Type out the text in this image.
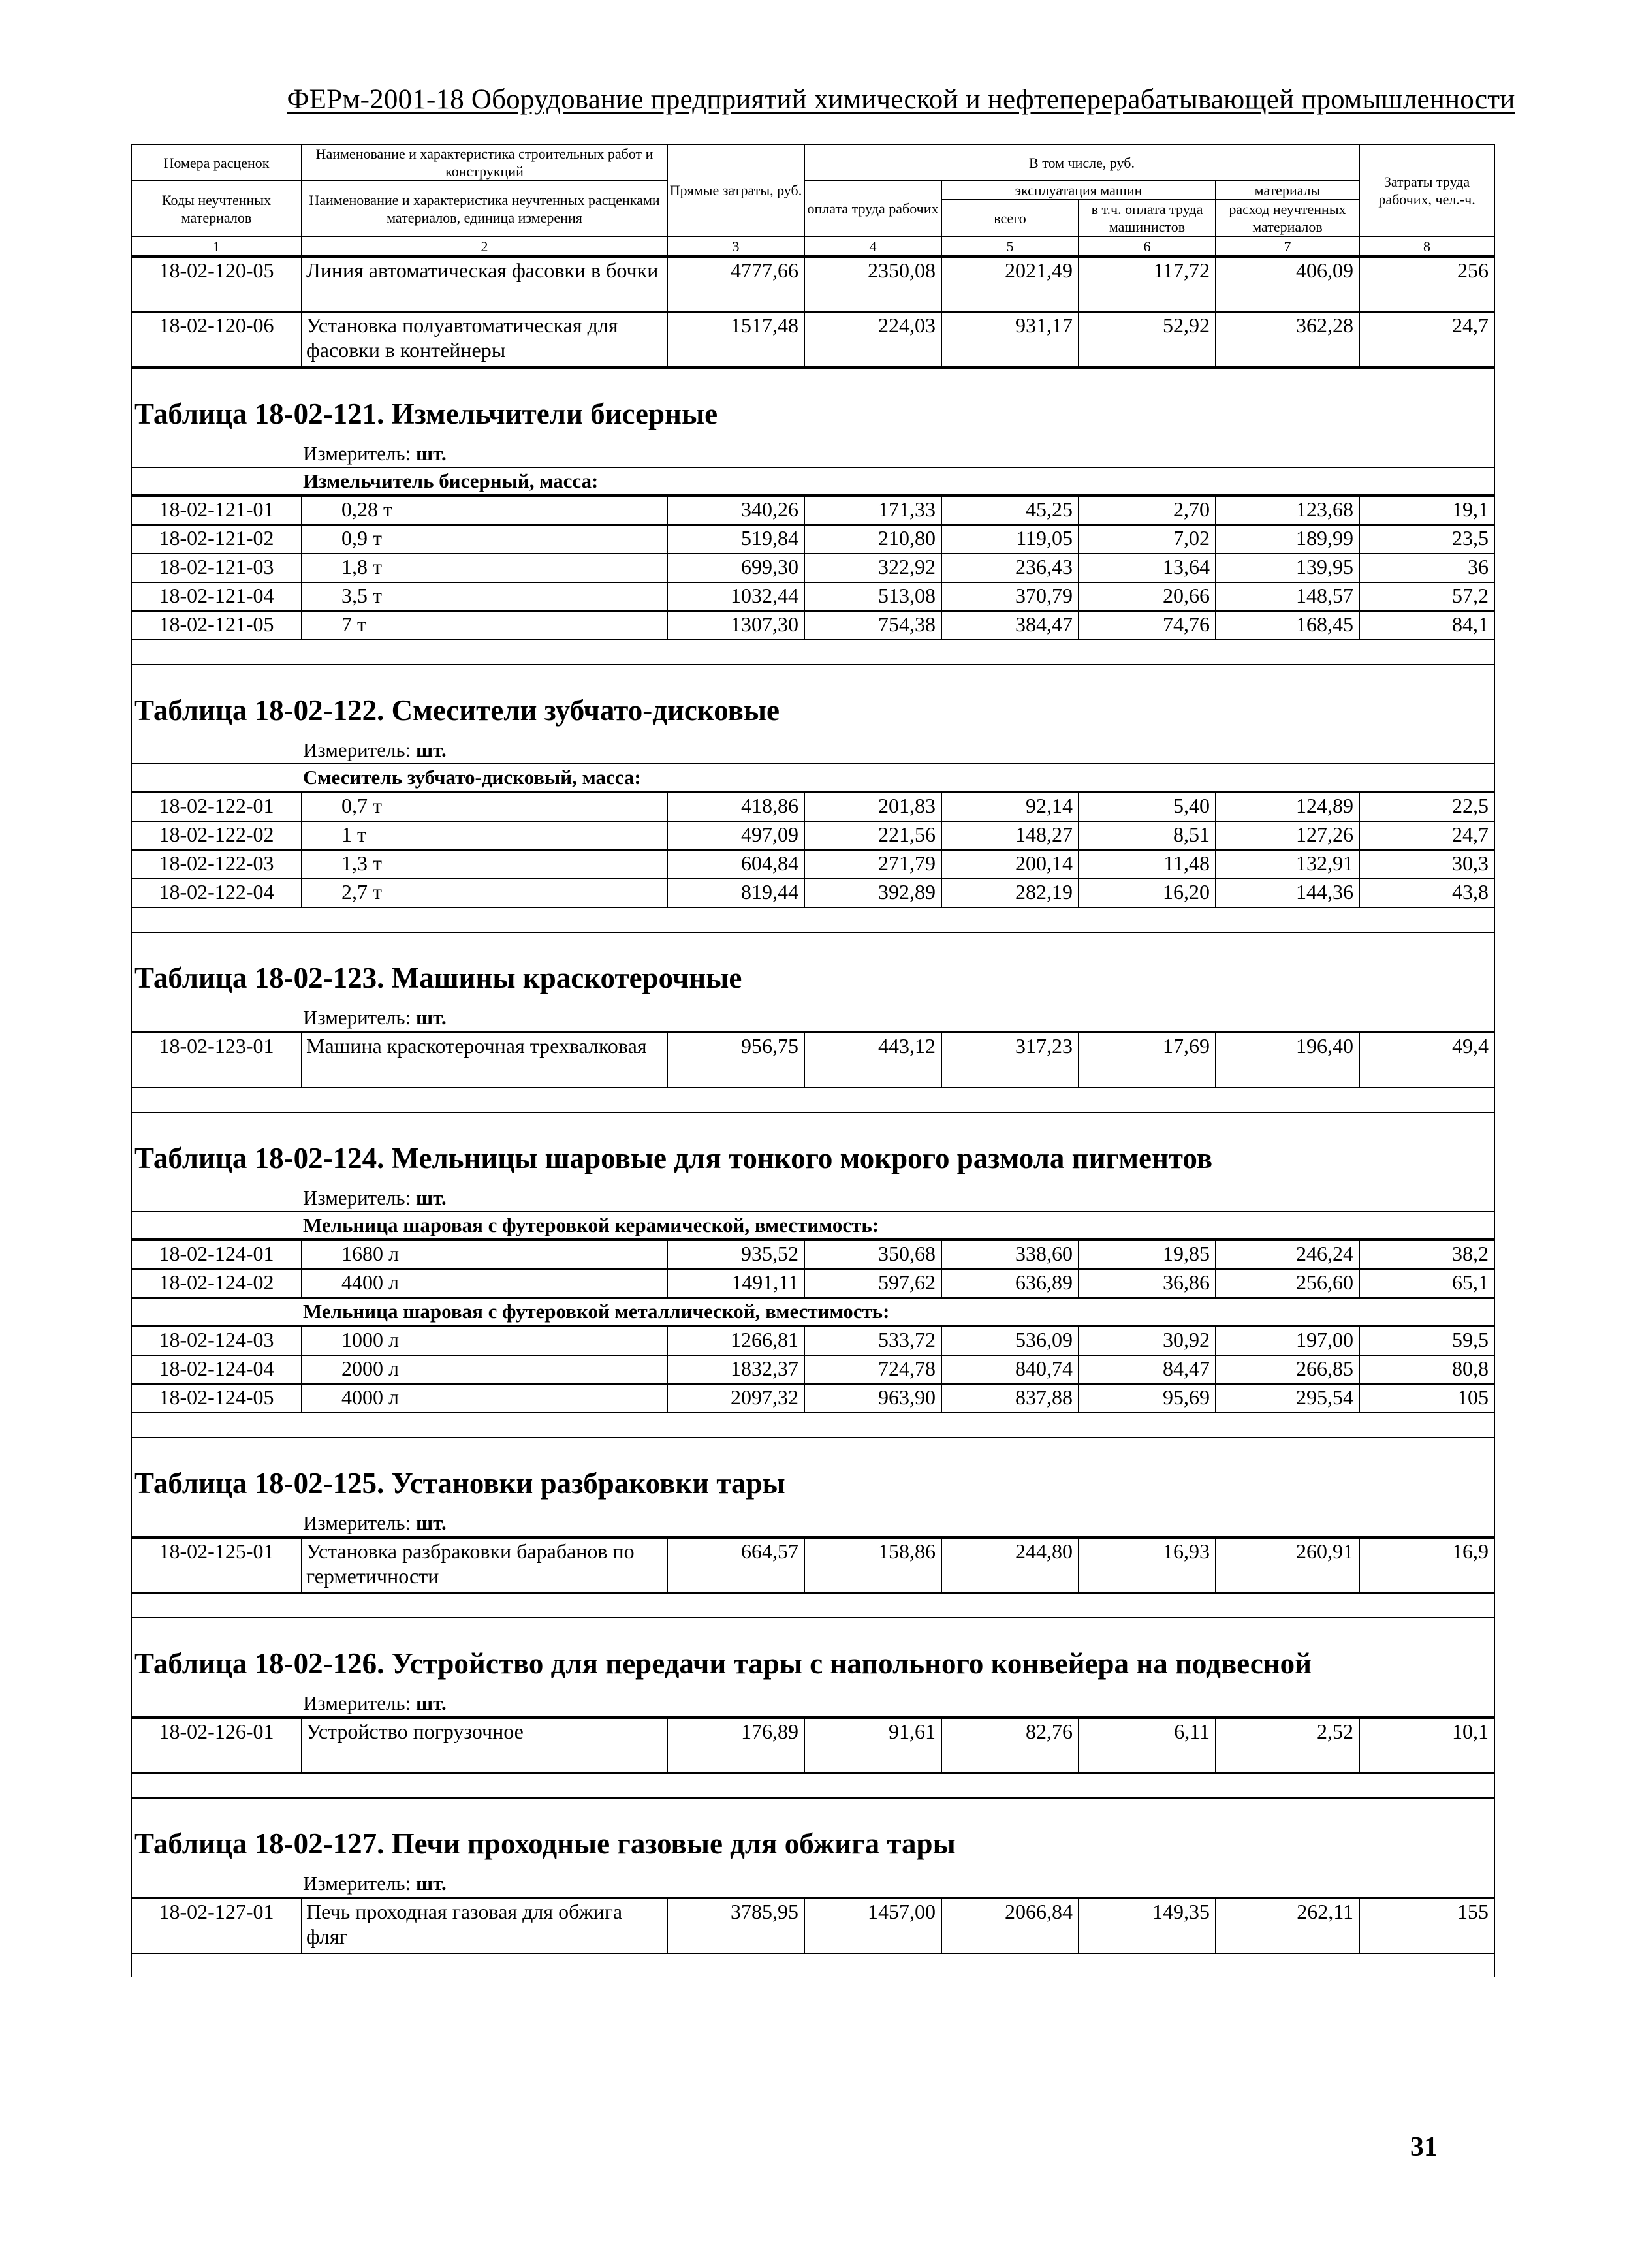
ФЕРм-2001-18 Оборудование предприятий химической и нефтеперерабатывающей промышленности
Номера расценок	Наименование и характеристика строительных работ и конструкций	Прямые затраты, руб.	В том числе, руб.				Затраты труда рабочих, чел.-ч.
Коды неучтенных материалов	Наименование и характеристика неучтенных расценками материалов, единица измерения		оплата труда рабочих	эксплуатация машин		материалы	
				всего	в т.ч. оплата труда машинистов	расход неучтенных материалов	
1	2	3	4	5	6	7	8
18-02-120-05	Линия автоматическая фасовки в бочки	4777,66	2350,08	2021,49	117,72	406,09	256
18-02-120-06	Установка полуавтоматическая для фасовки в контейнеры	1517,48	224,03	931,17	52,92	362,28	24,7
Таблица 18-02-121. Измельчители бисерные
Измеритель: шт.
Измельчитель бисерный, масса:
18-02-121-01	0,28 т	340,26	171,33	45,25	2,70	123,68	19,1
18-02-121-02	0,9 т	519,84	210,80	119,05	7,02	189,99	23,5
18-02-121-03	1,8 т	699,30	322,92	236,43	13,64	139,95	36
18-02-121-04	3,5 т	1032,44	513,08	370,79	20,66	148,57	57,2
18-02-121-05	7 т	1307,30	754,38	384,47	74,76	168,45	84,1
Таблица 18-02-122. Смесители зубчато-дисковые
Измеритель: шт.
Смеситель зубчато-дисковый, масса:
18-02-122-01	0,7 т	418,86	201,83	92,14	5,40	124,89	22,5
18-02-122-02	1 т	497,09	221,56	148,27	8,51	127,26	24,7
18-02-122-03	1,3 т	604,84	271,79	200,14	11,48	132,91	30,3
18-02-122-04	2,7 т	819,44	392,89	282,19	16,20	144,36	43,8
Таблица 18-02-123. Машины краскотерочные
Измеритель: шт.
18-02-123-01	Машина краскотерочная трехвалковая	956,75	443,12	317,23	17,69	196,40	49,4
Таблица 18-02-124. Мельницы шаровые для тонкого мокрого размола пигментов
Измеритель: шт.
Мельница шаровая с футеровкой керамической, вместимость:
18-02-124-01	1680 л	935,52	350,68	338,60	19,85	246,24	38,2
18-02-124-02	4400 л	1491,11	597,62	636,89	36,86	256,60	65,1
Мельница шаровая с футеровкой металлической, вместимость:
18-02-124-03	1000 л	1266,81	533,72	536,09	30,92	197,00	59,5
18-02-124-04	2000 л	1832,37	724,78	840,74	84,47	266,85	80,8
18-02-124-05	4000 л	2097,32	963,90	837,88	95,69	295,54	105
Таблица 18-02-125. Установки разбраковки тары
Измеритель: шт.
18-02-125-01	Установка разбраковки барабанов по герметичности	664,57	158,86	244,80	16,93	260,91	16,9
Таблица 18-02-126. Устройство для передачи тары с напольного конвейера на подвесной
Измеритель: шт.
18-02-126-01	Устройство погрузочное	176,89	91,61	82,76	6,11	2,52	10,1
Таблица 18-02-127. Печи проходные газовые для обжига тары
Измеритель: шт.
18-02-127-01	Печь проходная газовая для обжига фляг	3785,95	1457,00	2066,84	149,35	262,11	155
31
